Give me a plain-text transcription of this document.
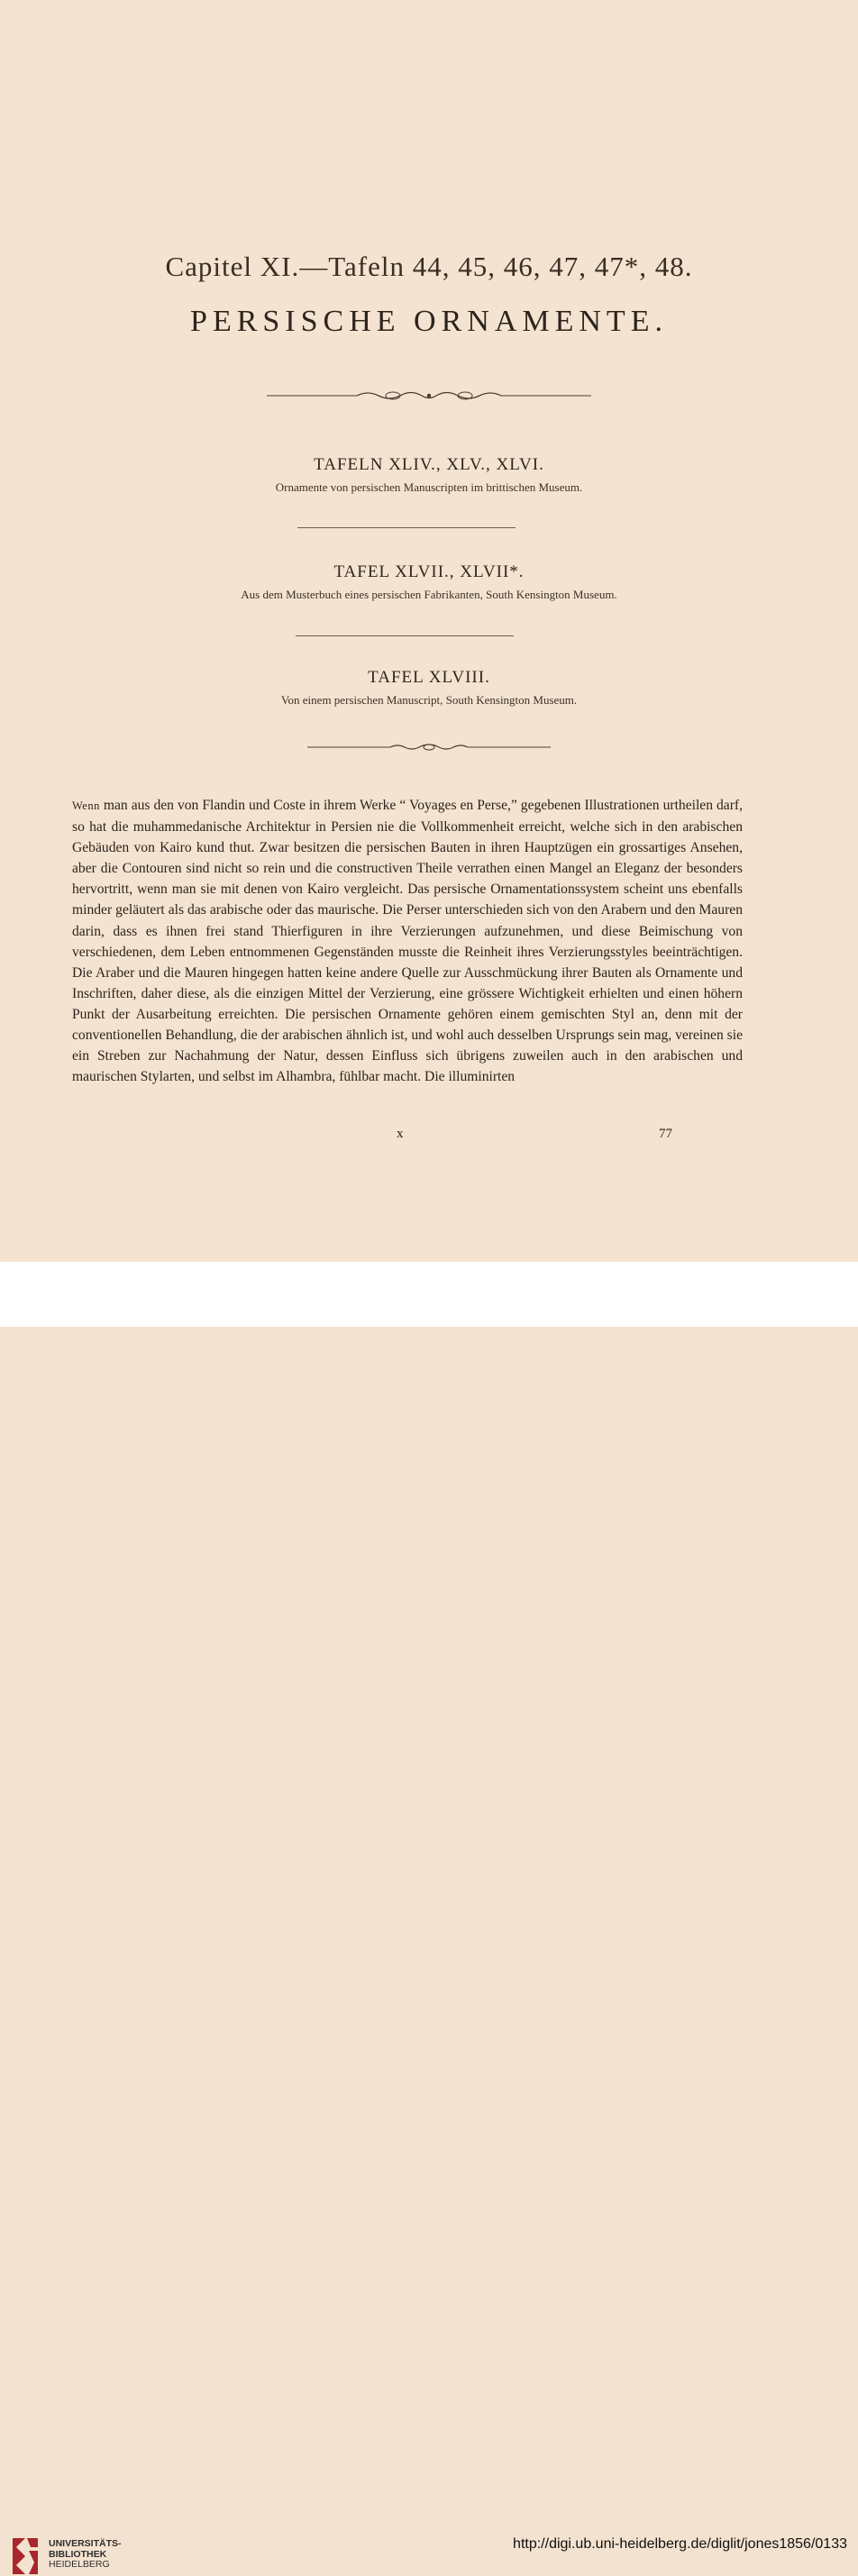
Capitel XI.—Tafeln 44, 45, 46, 47, 47*, 48.
PERSISCHE ORNAMENTE.
TAFELN XLIV., XLV., XLVI.
Ornamente von persischen Manuscripten im brittischen Museum.
TAFEL XLVII., XLVII*.
Aus dem Musterbuch eines persischen Fabrikanten, South Kensington Museum.
TAFEL XLVIII.
Von einem persischen Manuscript, South Kensington Museum.

Wenn man aus den von Flandin und Coste in ihrem Werke “ Voyages en Perse,” gegebenen Illustrationen urtheilen darf, so hat die muhammedanische Architektur in Persien nie die Vollkommenheit erreicht, welche sich in den arabischen Gebäuden von Kairo kund thut. Zwar besitzen die persischen Bauten in ihren Hauptzügen ein grossartiges Ansehen, aber die Contouren sind nicht so rein und die constructiven Theile verrathen einen Mangel an Eleganz der besonders hervortritt, wenn man sie mit denen von Kairo vergleicht. Das persische Ornamentationssystem scheint uns ebenfalls minder geläutert als das arabische oder das maurische. Die Perser unterschieden sich von den Arabern und den Mauren darin, dass es ihnen frei stand Thierfiguren in ihre Verzierungen aufzunehmen, und diese Beimischung von verschiedenen, dem Leben entnommenen Gegenständen musste die Reinheit ihres Verzierungsstyles beeinträchtigen. Die Araber und die Mauren hingegen hatten keine andere Quelle zur Ausschmückung ihrer Bauten als Ornamente und Inschriften, daher diese, als die einzigen Mittel der Verzierung, eine grössere Wichtigkeit erhielten und einen höhern Punkt der Ausarbeitung erreichten. Die persischen Ornamente gehören einem gemischten Styl an, denn mit der conventionellen Behandlung, die der arabischen ähnlich ist, und wohl auch desselben Ursprungs sein mag, vereinen sie ein Streben zur Nachahmung der Natur, dessen Einfluss sich übrigens zuweilen auch in den arabischen und maurischen Stylarten, und selbst im Alhambra, fühlbar macht. Die illuminirten

x	77
UNIVERSITÄTS-
BIBLIOTHEK
HEIDELBERG
http://digi.ub.uni-heidelberg.de/diglit/jones1856/0133
